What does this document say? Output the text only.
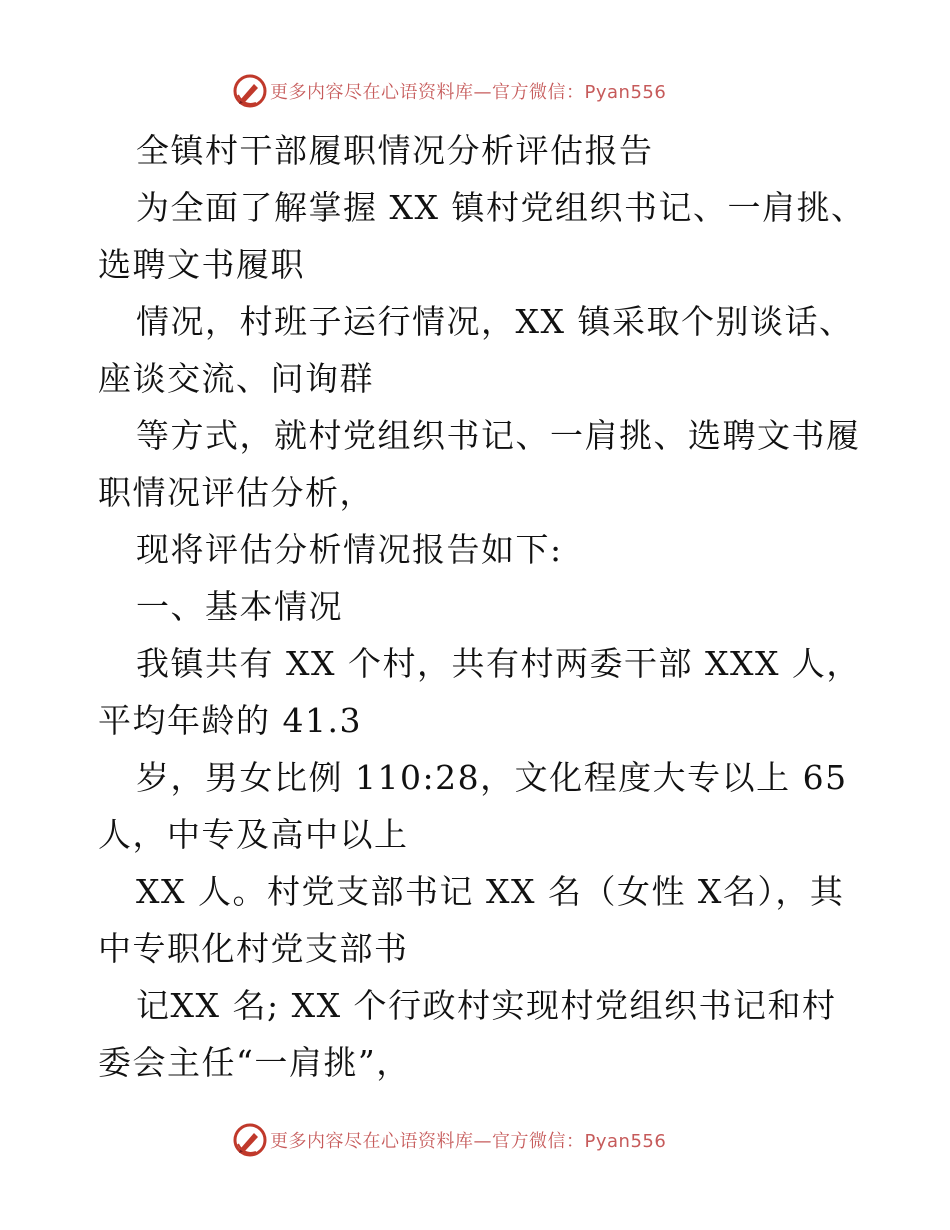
更多内容尽在心语资料库—官方微信：Pyan556
全镇村干部履职情况分析评估报告
为全面了解掌握 XX 镇村党组织书记、一肩挑、
选聘文书履职
情况，村班子运行情况，XX 镇采取个别谈话、
座谈交流、问询群
等方式，就村党组织书记、一肩挑、选聘文书履
职情况评估分析，
现将评估分析情况报告如下:
一、基本情况
我镇共有 XX 个村，共有村两委干部 XXX 人，
平均年龄的 41.3
岁，男女比例 110:28，文化程度大专以上 65
人，中专及高中以上
XX 人。村党支部书记 XX 名（女性 X名），其
中专职化村党支部书
记XX 名; XX 个行政村实现村党组织书记和村
委会主任“一肩挑”，
更多内容尽在心语资料库—官方微信：Pyan556
